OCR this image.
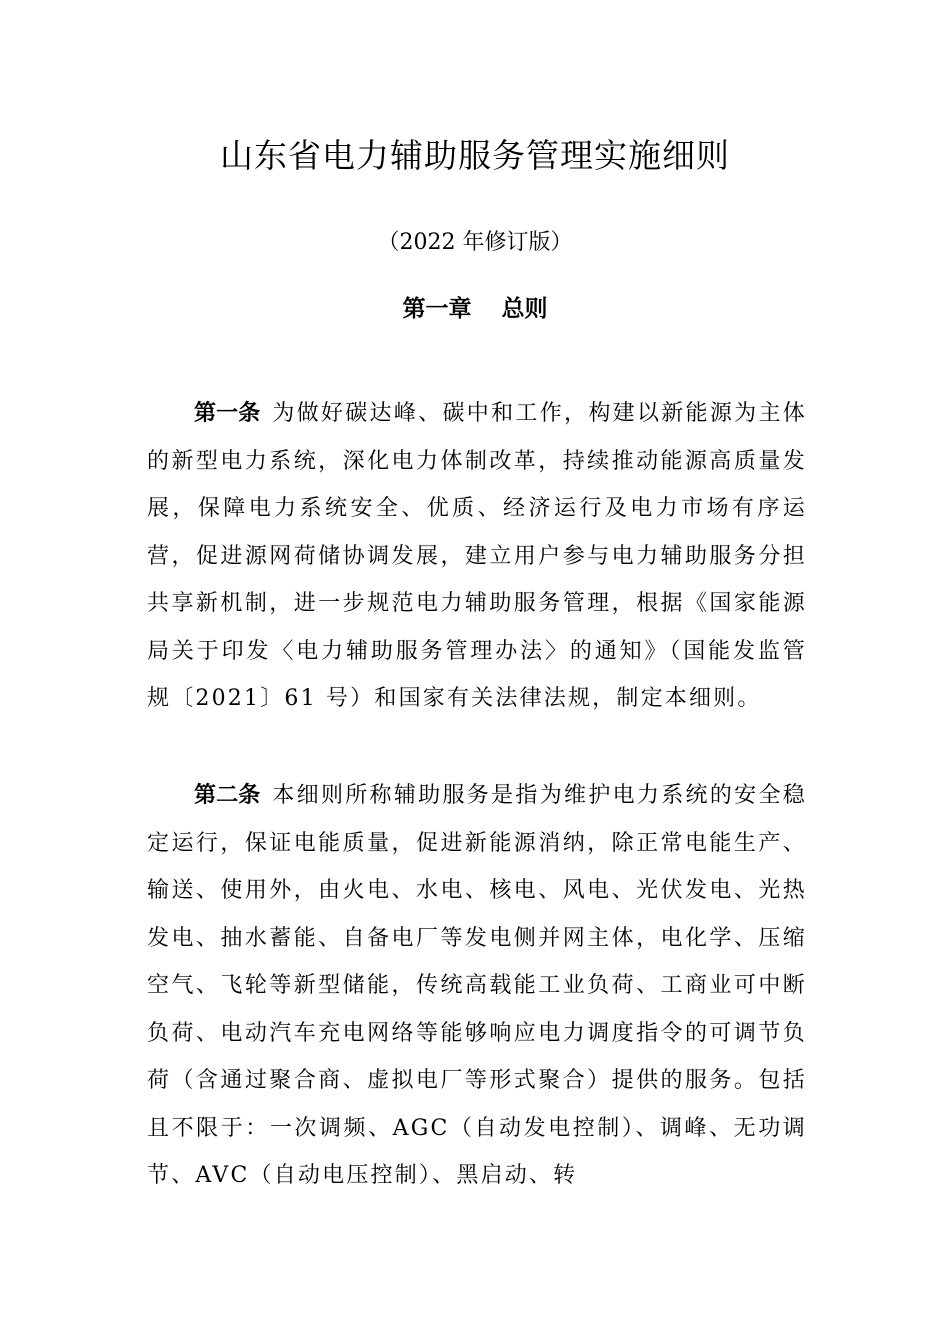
山东省电力辅助服务管理实施细则

（2022 年修订版）

第一章 总则

第一条 为做好碳达峰、碳中和工作，构建以新能源为主体的新型电力系统，深化电力体制改革，持续推动能源高质量发展，保障电力系统安全、优质、经济运行及电力市场有序运营，促进源网荷储协调发展，建立用户参与电力辅助服务分担共享新机制，进一步规范电力辅助服务管理，根据《国家能源局关于印发〈电力辅助服务管理办法〉的通知》（国能发监管规〔2021〕61 号）和国家有关法律法规，制定本细则。

第二条 本细则所称辅助服务是指为维护电力系统的安全稳定运行，保证电能质量，促进新能源消纳，除正常电能生产、输送、使用外，由火电、水电、核电、风电、光伏发电、光热发电、抽水蓄能、自备电厂等发电侧并网主体，电化学、压缩空气、飞轮等新型储能，传统高载能工业负荷、工商业可中断负荷、电动汽车充电网络等能够响应电力调度指令的可调节负荷（含通过聚合商、虚拟电厂等形式聚合）提供的服务。包括且不限于：一次调频、AGC（自动发电控制）、调峰、无功调节、AVC（自动电压控制）、黑启动、转
